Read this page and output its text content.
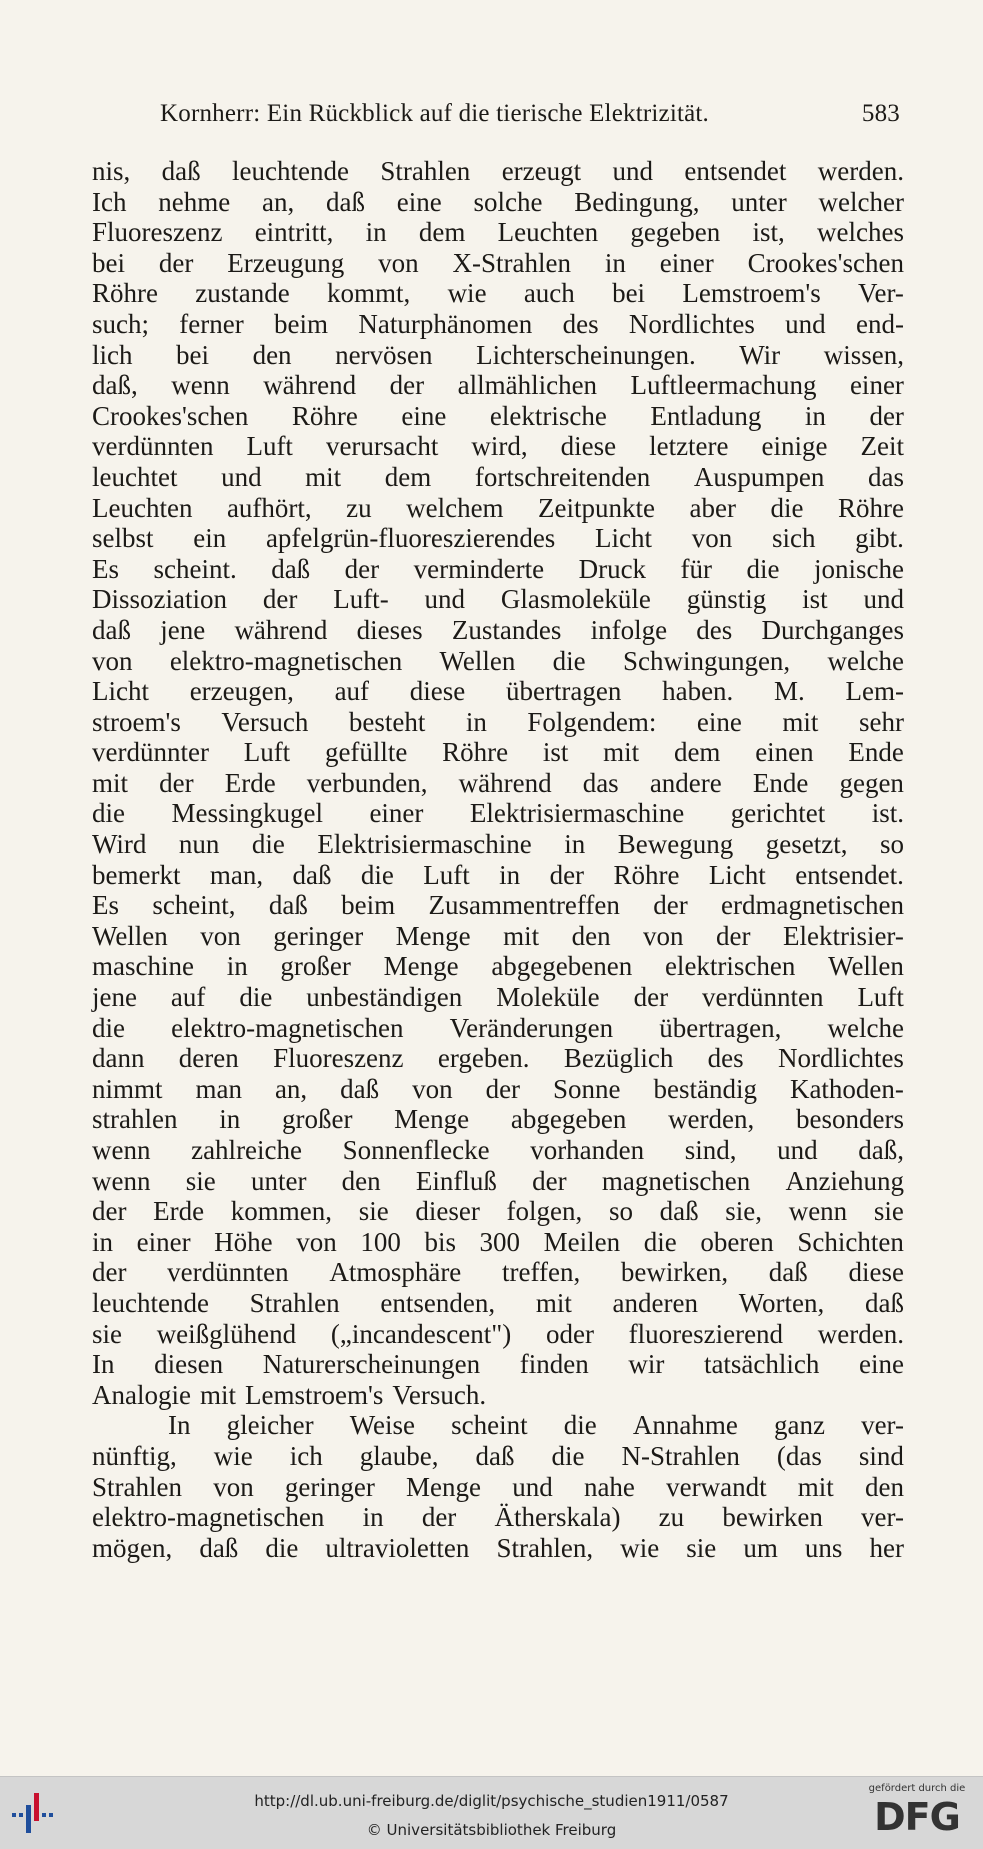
Kornherr: Ein Rückblick auf die tierische Elektrizität.	583
nis, daß leuchtende Strahlen erzeugt und entsendet werden.
Ich nehme an, daß eine solche Bedingung, unter welcher
Fluoreszenz eintritt, in dem Leuchten gegeben ist, welches
bei der Erzeugung von X-Strahlen in einer Crookes'schen
Röhre zustande kommt, wie auch bei Lemstroem's Ver-
such; ferner beim Naturphänomen des Nordlichtes und end-
lich bei den nervösen Lichterscheinungen. Wir wissen,
daß, wenn während der allmählichen Luftleermachung einer
Crookes'schen Röhre eine elektrische Entladung in der
verdünnten Luft verursacht wird, diese letztere einige Zeit
leuchtet und mit dem fortschreitenden Auspumpen das
Leuchten aufhört, zu welchem Zeitpunkte aber die Röhre
selbst ein apfelgrün-fluoreszierendes Licht von sich gibt.
Es scheint. daß der verminderte Druck für die jonische
Dissoziation der Luft- und Glasmoleküle günstig ist und
daß jene während dieses Zustandes infolge des Durchganges
von elektro-magnetischen Wellen die Schwingungen, welche
Licht erzeugen, auf diese übertragen haben. M. Lem-
stroem's Versuch besteht in Folgendem: eine mit sehr
verdünnter Luft gefüllte Röhre ist mit dem einen Ende
mit der Erde verbunden, während das andere Ende gegen
die Messingkugel einer Elektrisiermaschine gerichtet ist.
Wird nun die Elektrisiermaschine in Bewegung gesetzt, so
bemerkt man, daß die Luft in der Röhre Licht entsendet.
Es scheint, daß beim Zusammentreffen der erdmagnetischen
Wellen von geringer Menge mit den von der Elektrisier-
maschine in großer Menge abgegebenen elektrischen Wellen
jene auf die unbeständigen Moleküle der verdünnten Luft
die elektro-magnetischen Veränderungen übertragen, welche
dann deren Fluoreszenz ergeben. Bezüglich des Nordlichtes
nimmt man an, daß von der Sonne beständig Kathoden-
strahlen in großer Menge abgegeben werden, besonders
wenn zahlreiche Sonnenflecke vorhanden sind, und daß,
wenn sie unter den Einfluß der magnetischen Anziehung
der Erde kommen, sie dieser folgen, so daß sie, wenn sie
in einer Höhe von 100 bis 300 Meilen die oberen Schichten
der verdünnten Atmosphäre treffen, bewirken, daß diese
leuchtende Strahlen entsenden, mit anderen Worten, daß
sie weißglühend („incandescent") oder fluoreszierend werden.
In diesen Naturerscheinungen finden wir tatsächlich eine
Analogie mit Lemstroem's Versuch.
In gleicher Weise scheint die Annahme ganz ver-
nünftig, wie ich glaube, daß die N-Strahlen (das sind
Strahlen von geringer Menge und nahe verwandt mit den
elektro-magnetischen in der Ätherskala) zu bewirken ver-
mögen, daß die ultravioletten Strahlen, wie sie um uns her
http://dl.ub.uni-freiburg.de/diglit/psychische_studien1911/0587
© Universitätsbibliothek Freiburg
gefördert durch die
DFG
